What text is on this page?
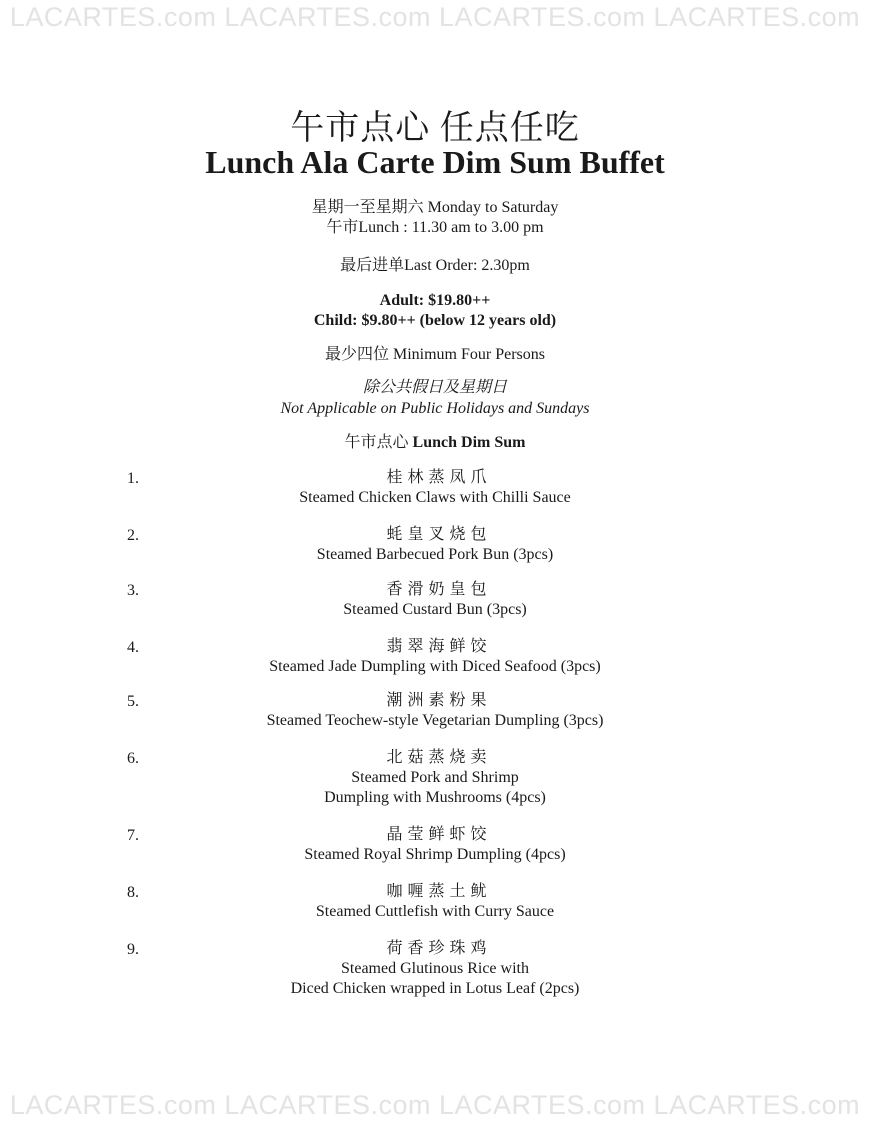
LACARTES.com LACARTES.com LACARTES.com LACARTES.com
午市点心 任点任吃
Lunch Ala Carte Dim Sum Buffet
星期一至星期六 Monday to Saturday
午市Lunch : 11.30 am to 3.00 pm
最后进单Last Order: 2.30pm
Adult: $19.80++
Child: $9.80++ (below 12 years old)
最少四位 Minimum Four Persons
除公共假日及星期日
Not Applicable on Public Holidays and Sundays
午市点心 Lunch Dim Sum
1.	桂林蒸凤爪
Steamed Chicken Claws with Chilli Sauce
2.	蚝皇叉烧包
Steamed Barbecued Pork Bun (3pcs)
3.	香滑奶皇包
Steamed Custard Bun (3pcs)
4.	翡翠海鲜饺
Steamed Jade Dumpling with Diced Seafood (3pcs)
5.	潮洲素粉果
Steamed Teochew-style Vegetarian Dumpling (3pcs)
6.	北菇蒸烧卖
Steamed Pork and Shrimp
Dumpling with Mushrooms (4pcs)
7.	晶莹鲜虾饺
Steamed Royal Shrimp Dumpling (4pcs)
8.	咖喱蒸土鱿
Steamed Cuttlefish with Curry Sauce
9.	荷香珍珠鸡
Steamed Glutinous Rice with
Diced Chicken wrapped in Lotus Leaf (2pcs)
LACARTES.com LACARTES.com LACARTES.com LACARTES.com
